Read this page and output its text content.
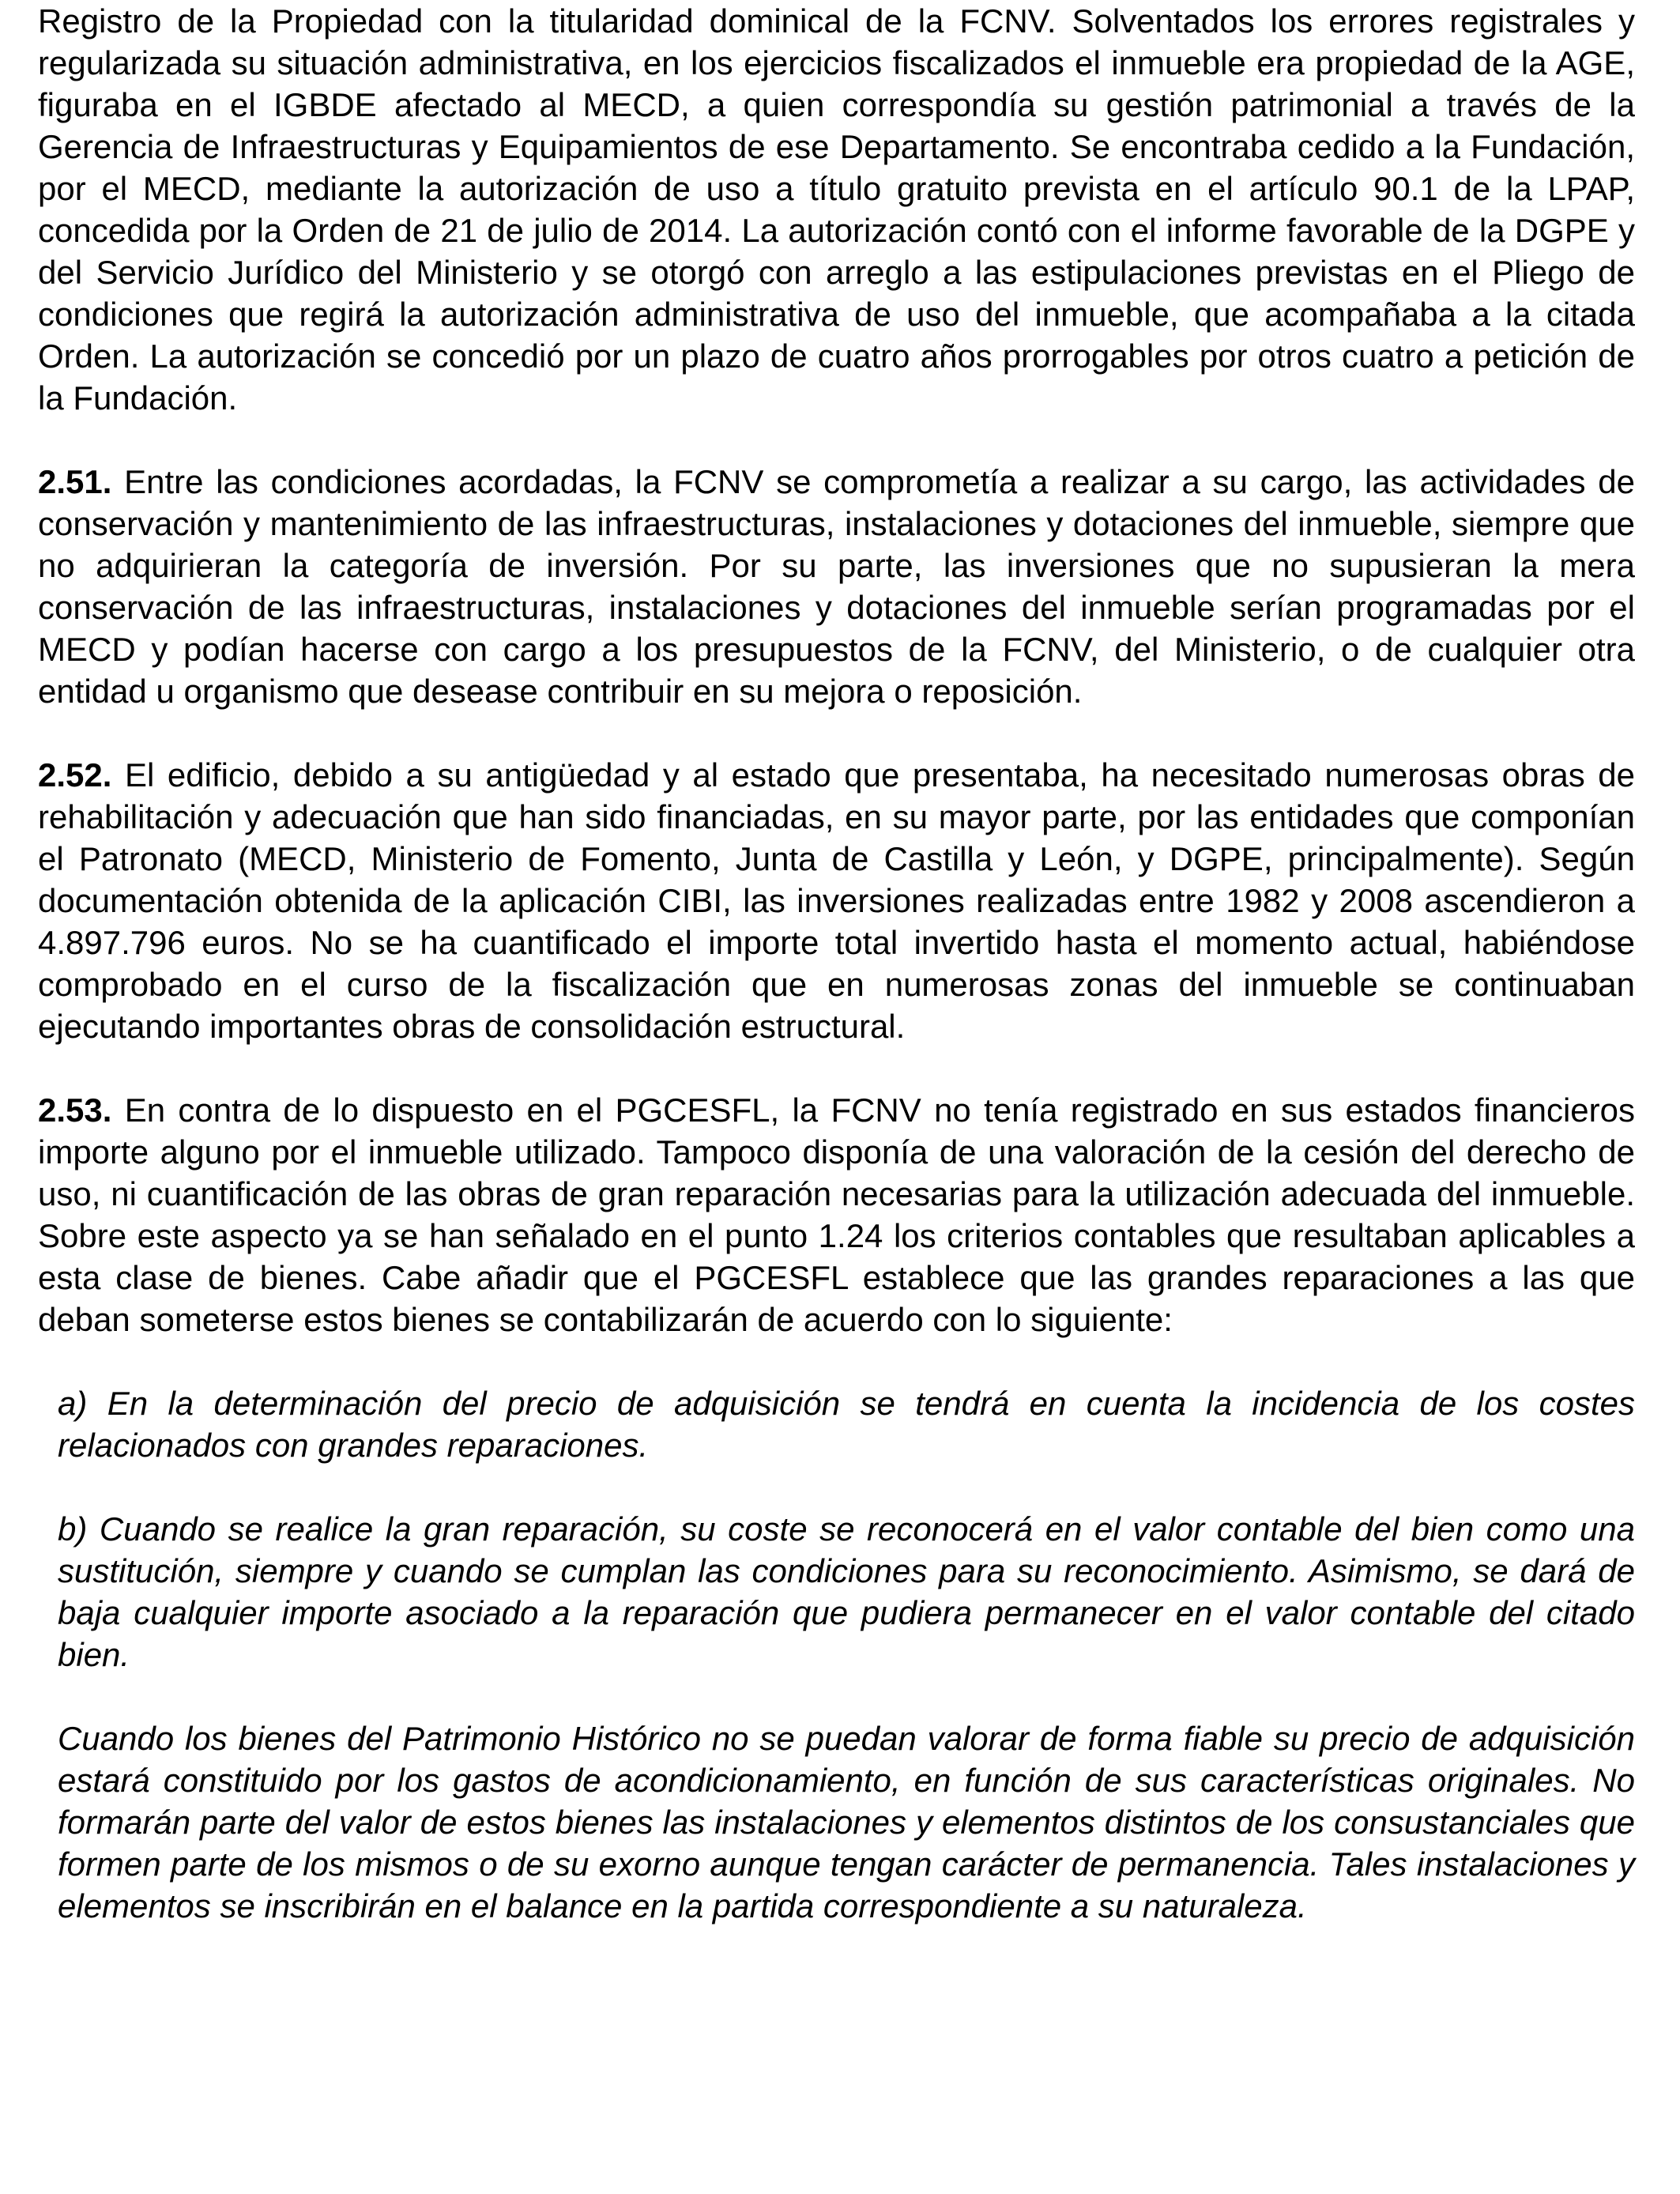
Registro de la Propiedad con la titularidad dominical de la FCNV. Solventados los errores registrales y regularizada su situación administrativa, en los ejercicios fiscalizados el inmueble era propiedad de la AGE, figuraba en el IGBDE afectado al MECD, a quien correspondía su gestión patrimonial a través de la Gerencia de Infraestructuras y Equipamientos de ese Departamento. Se encontraba cedido a la Fundación, por el MECD, mediante la autorización de uso a título gratuito prevista en el artículo 90.1 de la LPAP, concedida por la Orden de 21 de julio de 2014. La autorización contó con el informe favorable de la DGPE y del Servicio Jurídico del Ministerio y se otorgó con arreglo a las estipulaciones previstas en el Pliego de condiciones que regirá la autorización administrativa de uso del inmueble, que acompañaba a la citada Orden. La autorización se concedió por un plazo de cuatro años prorrogables por otros cuatro a petición de la Fundación.

2.51. Entre las condiciones acordadas, la FCNV se comprometía a realizar a su cargo, las actividades de conservación y mantenimiento de las infraestructuras, instalaciones y dotaciones del inmueble, siempre que no adquirieran la categoría de inversión. Por su parte, las inversiones que no supusieran la mera conservación de las infraestructuras, instalaciones y dotaciones del inmueble serían programadas por el MECD y podían hacerse con cargo a los presupuestos de la FCNV, del Ministerio, o de cualquier otra entidad u organismo que desease contribuir en su mejora o reposición.

2.52. El edificio, debido a su antigüedad y al estado que presentaba, ha necesitado numerosas obras de rehabilitación y adecuación que han sido financiadas, en su mayor parte, por las entidades que componían el Patronato (MECD, Ministerio de Fomento, Junta de Castilla y León, y DGPE, principalmente). Según documentación obtenida de la aplicación CIBI, las inversiones realizadas entre 1982 y 2008 ascendieron a 4.897.796 euros. No se ha cuantificado el importe total invertido hasta el momento actual, habiéndose comprobado en el curso de la fiscalización que en numerosas zonas del inmueble se continuaban ejecutando importantes obras de consolidación estructural.

2.53. En contra de lo dispuesto en el PGCESFL, la FCNV no tenía registrado en sus estados financieros importe alguno por el inmueble utilizado. Tampoco disponía de una valoración de la cesión del derecho de uso, ni cuantificación de las obras de gran reparación necesarias para la utilización adecuada del inmueble. Sobre este aspecto ya se han señalado en el punto 1.24 los criterios contables que resultaban aplicables a esta clase de bienes. Cabe añadir que el PGCESFL establece que las grandes reparaciones a las que deban someterse estos bienes se contabilizarán de acuerdo con lo siguiente:

a) En la determinación del precio de adquisición se tendrá en cuenta la incidencia de los costes relacionados con grandes reparaciones.

b) Cuando se realice la gran reparación, su coste se reconocerá en el valor contable del bien como una sustitución, siempre y cuando se cumplan las condiciones para su reconocimiento. Asimismo, se dará de baja cualquier importe asociado a la reparación que pudiera permanecer en el valor contable del citado bien.

Cuando los bienes del Patrimonio Histórico no se puedan valorar de forma fiable su precio de adquisición estará constituido por los gastos de acondicionamiento, en función de sus características originales. No formarán parte del valor de estos bienes las instalaciones y elementos distintos de los consustanciales que formen parte de los mismos o de su exorno aunque tengan carácter de permanencia. Tales instalaciones y elementos se inscribirán en el balance en la partida correspondiente a su naturaleza.
